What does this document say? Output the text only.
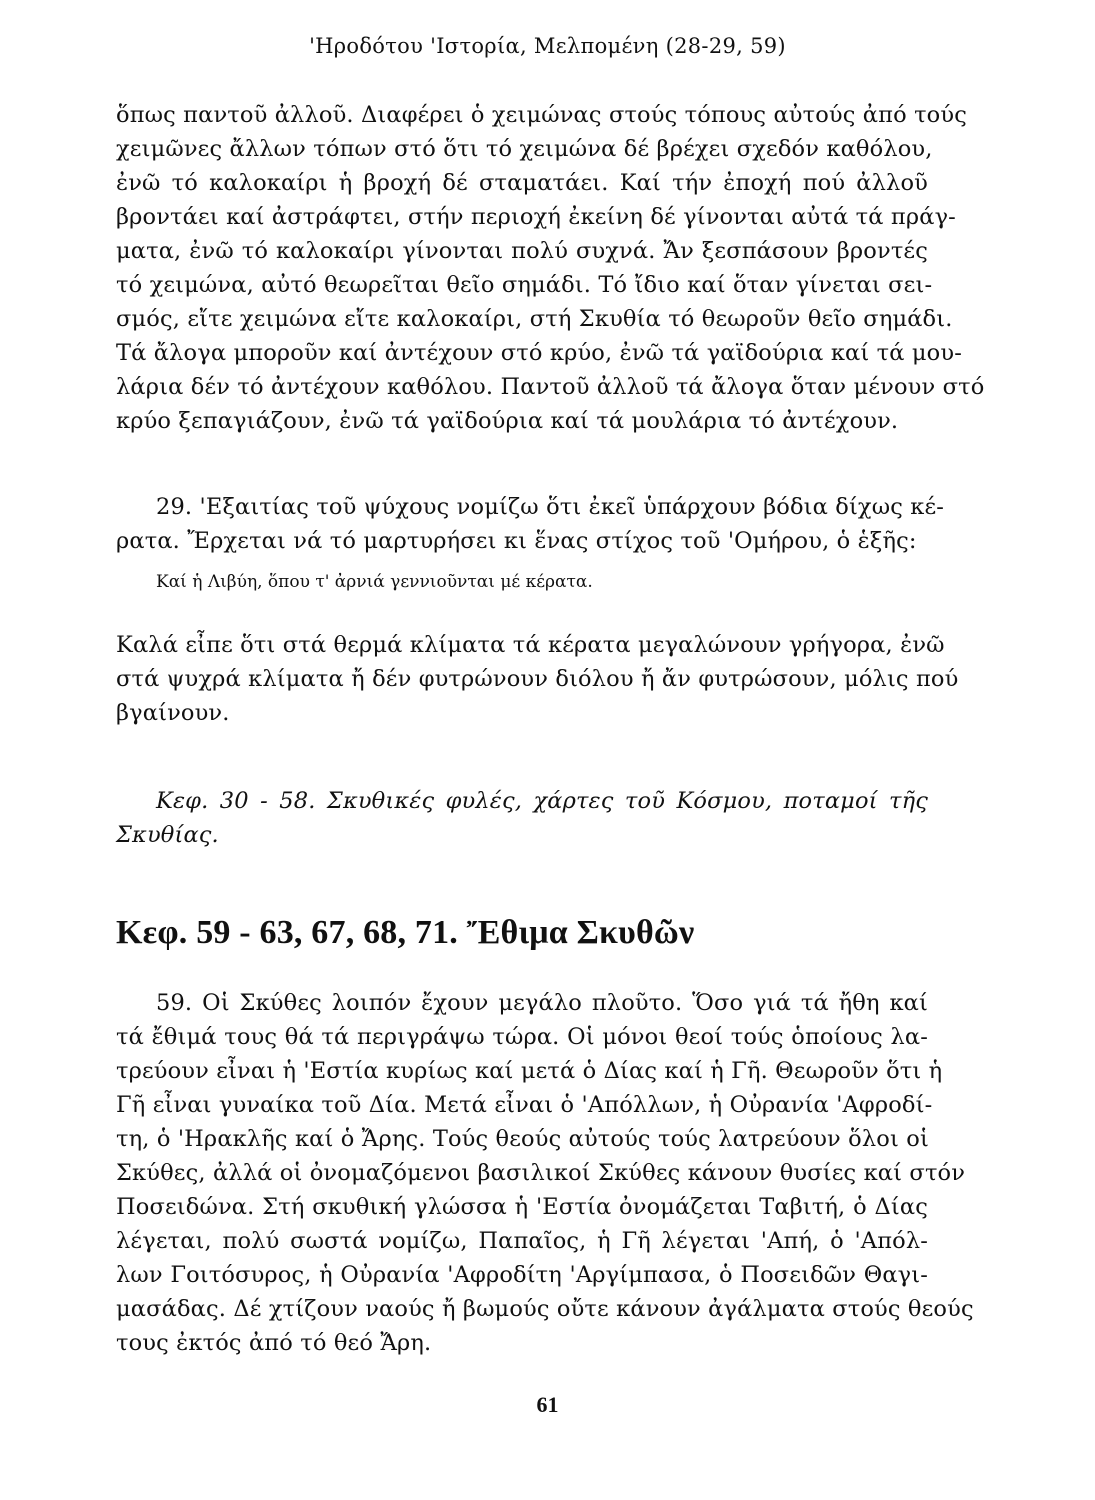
'Ηροδότου 'Ιστορία, Μελπομένη (28-29, 59)
ὅπως παντοῦ ἀλλοῦ. Διαφέρει ὁ χειμώνας στούς τόπους αὐτούς ἀπό τούς
χειμῶνες ἄλλων τόπων στό ὅτι τό χειμώνα δέ βρέχει σχεδόν καθόλου,
ἐνῶ τό καλοκαίρι ἡ βροχή δέ σταματάει. Καί τήν ἐποχή πού ἀλλοῦ
βροντάει καί ἀστράφτει, στήν περιοχή ἐκείνη δέ γίνονται αὐτά τά πράγ-
ματα, ἐνῶ τό καλοκαίρι γίνονται πολύ συχνά. Ἄν ξεσπάσουν βροντές
τό χειμώνα, αὐτό θεωρεῖται θεῖο σημάδι. Τό ἴδιο καί ὅταν γίνεται σει-
σμός, εἴτε χειμώνα εἴτε καλοκαίρι, στή Σκυθία τό θεωροῦν θεῖο σημάδι.
Τά ἄλογα μποροῦν καί ἀντέχουν στό κρύο, ἐνῶ τά γαϊδούρια καί τά μου-
λάρια δέν τό ἀντέχουν καθόλου. Παντοῦ ἀλλοῦ τά ἄλογα ὅταν μένουν στό
κρύο ξεπαγιάζουν, ἐνῶ τά γαϊδούρια καί τά μουλάρια τό ἀντέχουν.
29. 'Εξαιτίας τοῦ ψύχους νομίζω ὅτι ἐκεῖ ὑπάρχουν βόδια δίχως κέ-
ρατα. Ἔρχεται νά τό μαρτυρήσει κι ἕνας στίχος τοῦ 'Ομήρου, ὁ ἑξῆς:
Καί ἡ Λιβύη, ὅπου τ' ἀρνιά γεννιοῦνται μέ κέρατα.
Καλά εἶπε ὅτι στά θερμά κλίματα τά κέρατα μεγαλώνουν γρήγορα, ἐνῶ
στά ψυχρά κλίματα ἤ δέν φυτρώνουν διόλου ἤ ἄν φυτρώσουν, μόλις πού
βγαίνουν.
Κεφ. 30 - 58. Σκυθικές φυλές, χάρτες τοῦ Κόσμου, ποταμοί τῆς
Σκυθίας.
Κεφ. 59 - 63, 67, 68, 71. Ἔθιμα Σκυθῶν
59. Οἱ Σκύθες λοιπόν ἔχουν μεγάλο πλοῦτο. Ὅσο γιά τά ἤθη καί
τά ἔθιμά τους θά τά περιγράψω τώρα. Οἱ μόνοι θεοί τούς ὁποίους λα-
τρεύουν εἶναι ἡ 'Εστία κυρίως καί μετά ὁ Δίας καί ἡ Γῆ. Θεωροῦν ὅτι ἡ
Γῆ εἶναι γυναίκα τοῦ Δία. Μετά εἶναι ὁ 'Απόλλων, ἡ Οὐρανία 'Αφροδί-
τη, ὁ 'Ηρακλῆς καί ὁ Ἄρης. Τούς θεούς αὐτούς τούς λατρεύουν ὅλοι οἱ
Σκύθες, ἀλλά οἱ ὀνομαζόμενοι βασιλικοί Σκύθες κάνουν θυσίες καί στόν
Ποσειδώνα. Στή σκυθική γλώσσα ἡ 'Εστία ὀνομάζεται Ταβιτή, ὁ Δίας
λέγεται, πολύ σωστά νομίζω, Παπαῖος, ἡ Γῆ λέγεται 'Απή, ὁ 'Απόλ-
λων Γοιτόσυρος, ἡ Οὐρανία 'Αφροδίτη 'Αργίμπασα, ὁ Ποσειδῶν Θαγι-
μασάδας. Δέ χτίζουν ναούς ἤ βωμούς οὔτε κάνουν ἀγάλματα στούς θεούς
τους ἐκτός ἀπό τό θεό Ἄρη.
61
